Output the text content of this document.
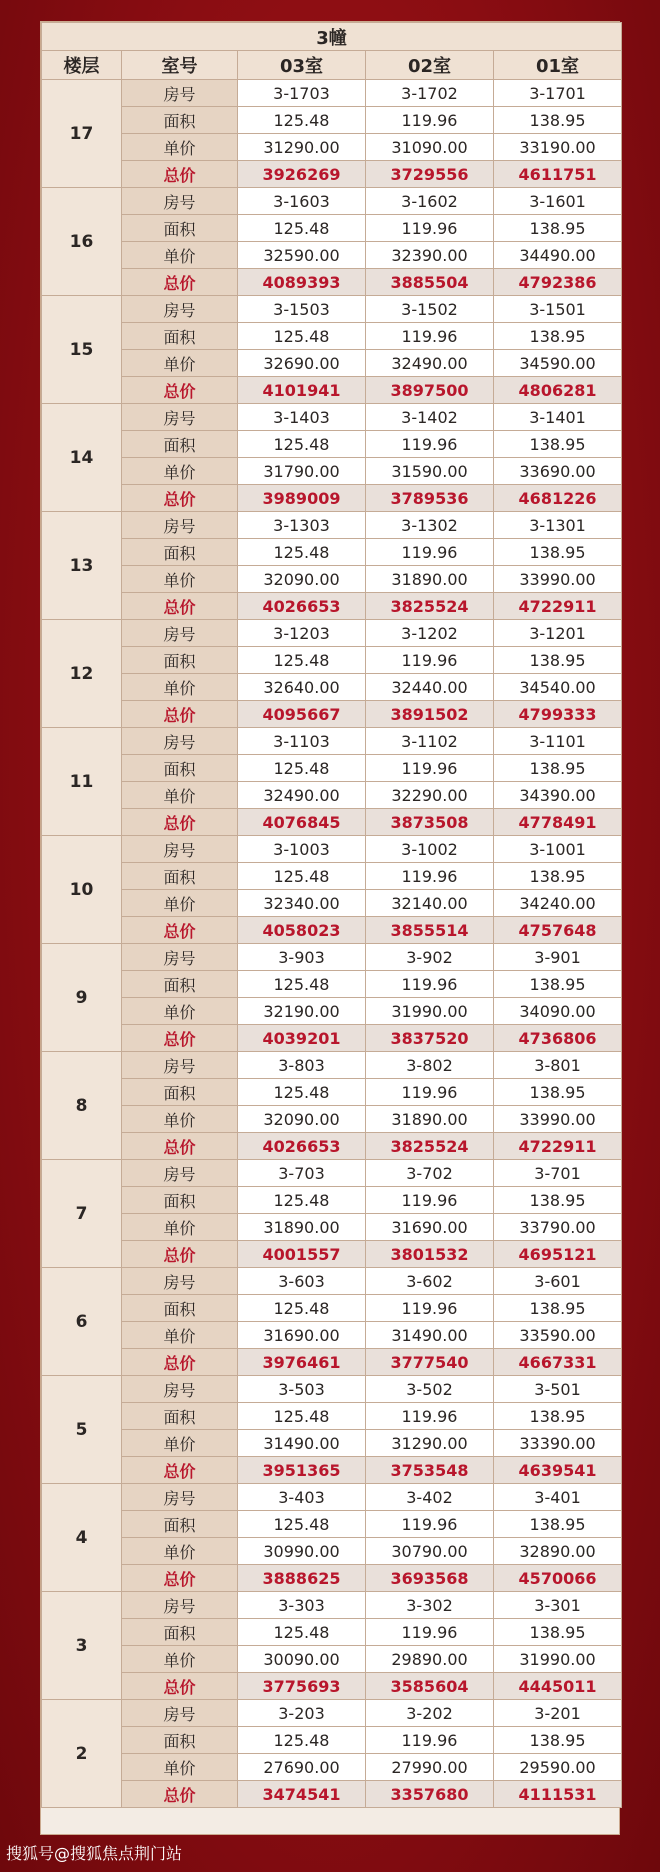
3幢				
楼层	室号	03室	02室	01室
17	房号	3-1703	3-1702	3-1701
	面积	125.48	119.96	138.95
	单价	31290.00	31090.00	33190.00
	总价	3926269	3729556	4611751
16	房号	3-1603	3-1602	3-1601
	面积	125.48	119.96	138.95
	单价	32590.00	32390.00	34490.00
	总价	4089393	3885504	4792386
15	房号	3-1503	3-1502	3-1501
	面积	125.48	119.96	138.95
	单价	32690.00	32490.00	34590.00
	总价	4101941	3897500	4806281
14	房号	3-1403	3-1402	3-1401
	面积	125.48	119.96	138.95
	单价	31790.00	31590.00	33690.00
	总价	3989009	3789536	4681226
13	房号	3-1303	3-1302	3-1301
	面积	125.48	119.96	138.95
	单价	32090.00	31890.00	33990.00
	总价	4026653	3825524	4722911
12	房号	3-1203	3-1202	3-1201
	面积	125.48	119.96	138.95
	单价	32640.00	32440.00	34540.00
	总价	4095667	3891502	4799333
11	房号	3-1103	3-1102	3-1101
	面积	125.48	119.96	138.95
	单价	32490.00	32290.00	34390.00
	总价	4076845	3873508	4778491
10	房号	3-1003	3-1002	3-1001
	面积	125.48	119.96	138.95
	单价	32340.00	32140.00	34240.00
	总价	4058023	3855514	4757648
9	房号	3-903	3-902	3-901
	面积	125.48	119.96	138.95
	单价	32190.00	31990.00	34090.00
	总价	4039201	3837520	4736806
8	房号	3-803	3-802	3-801
	面积	125.48	119.96	138.95
	单价	32090.00	31890.00	33990.00
	总价	4026653	3825524	4722911
7	房号	3-703	3-702	3-701
	面积	125.48	119.96	138.95
	单价	31890.00	31690.00	33790.00
	总价	4001557	3801532	4695121
6	房号	3-603	3-602	3-601
	面积	125.48	119.96	138.95
	单价	31690.00	31490.00	33590.00
	总价	3976461	3777540	4667331
5	房号	3-503	3-502	3-501
	面积	125.48	119.96	138.95
	单价	31490.00	31290.00	33390.00
	总价	3951365	3753548	4639541
4	房号	3-403	3-402	3-401
	面积	125.48	119.96	138.95
	单价	30990.00	30790.00	32890.00
	总价	3888625	3693568	4570066
3	房号	3-303	3-302	3-301
	面积	125.48	119.96	138.95
	单价	30090.00	29890.00	31990.00
	总价	3775693	3585604	4445011
2	房号	3-203	3-202	3-201
	面积	125.48	119.96	138.95
	单价	27690.00	27990.00	29590.00
	总价	3474541	3357680	4111531
搜狐号@搜狐焦点荆门站
